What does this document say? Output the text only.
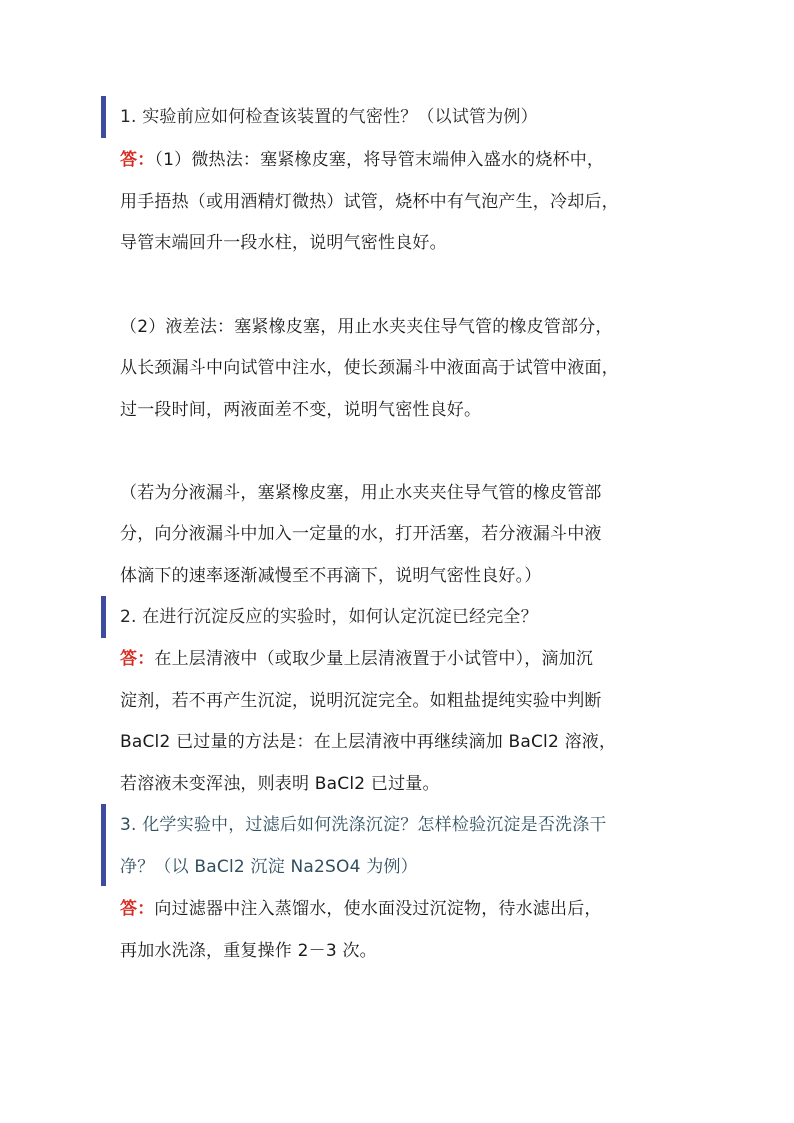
1. 实验前应如何检查该装置的气密性？（以试管为例）
答：（1）微热法：塞紧橡皮塞，将导管末端伸入盛水的烧杯中，
用手捂热（或用酒精灯微热）试管，烧杯中有气泡产生，冷却后，
导管末端回升一段水柱，说明气密性良好。
（2）液差法：塞紧橡皮塞，用止水夹夹住导气管的橡皮管部分，
从长颈漏斗中向试管中注水，使长颈漏斗中液面高于试管中液面，
过一段时间，两液面差不变，说明气密性良好。
（若为分液漏斗，塞紧橡皮塞，用止水夹夹住导气管的橡皮管部
分，向分液漏斗中加入一定量的水，打开活塞，若分液漏斗中液
体滴下的速率逐渐减慢至不再滴下，说明气密性良好。）
2. 在进行沉淀反应的实验时，如何认定沉淀已经完全？
答：在上层清液中（或取少量上层清液置于小试管中），滴加沉
淀剂，若不再产生沉淀，说明沉淀完全。如粗盐提纯实验中判断
BaCl2 已过量的方法是：在上层清液中再继续滴加 BaCl2 溶液，
若溶液未变浑浊，则表明 BaCl2 已过量。
3. 化学实验中，过滤后如何洗涤沉淀？怎样检验沉淀是否洗涤干
净？（以 BaCl2 沉淀 Na2SO4 为例）
答：向过滤器中注入蒸馏水，使水面没过沉淀物，待水滤出后，
再加水洗涤，重复操作 2－3 次。
